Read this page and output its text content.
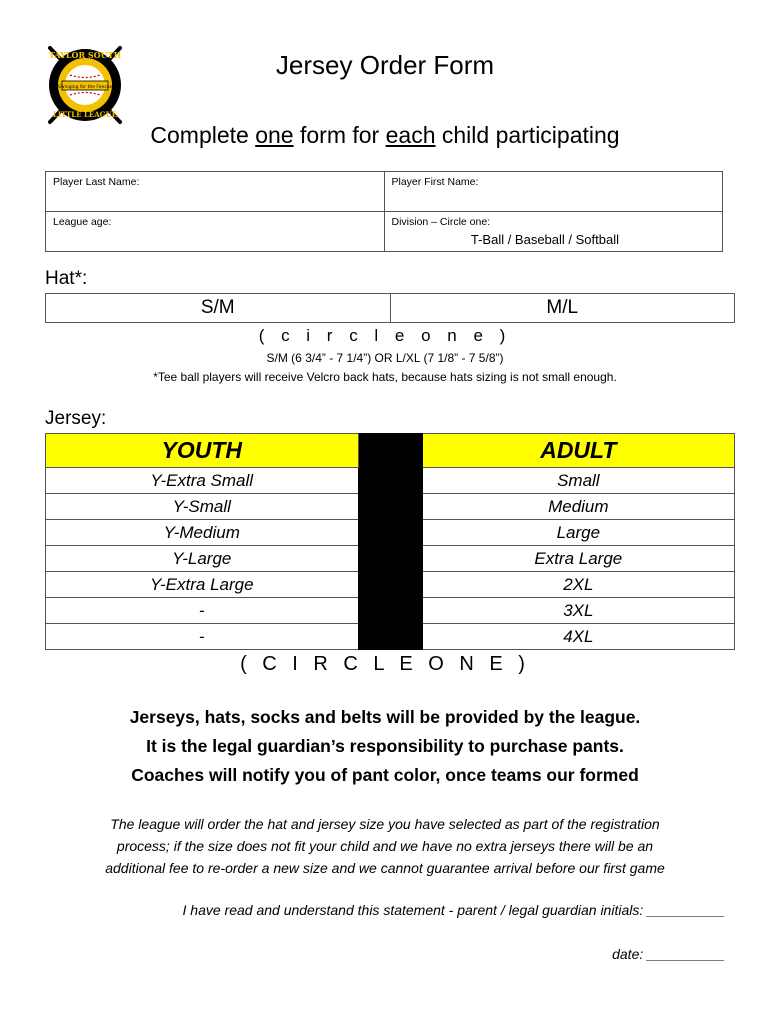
Swinging for the Fences
TAYLOR SOUTH
LITTLE LEAGUE
Jersey Order Form
Complete one form for each child participating
Player Last Name:	Player First Name:
League age:	Division – Circle one:
T-Ball / Baseball / Softball
Hat*:
S/M	M/L
( c i r c l e o n e )
S/M (6 3/4” - 7 1/4”) OR L/XL (7 1/8” - 7 5/8”)
*Tee ball players will receive Velcro back hats, because hats sizing is not small enough.
Jersey:
YOUTH		ADULT
Y-Extra Small		Small
Y-Small		Medium
Y-Medium		Large
Y-Large		Extra Large
Y-Extra Large		2XL
-		3XL
-		4XL
( C I R C L E O N E )
Jerseys, hats, socks and belts will be provided by the league.
It is the legal guardian’s responsibility to purchase pants.
Coaches will notify you of pant color, once teams our formed
The league will order the hat and jersey size you have selected as part of the registration
process; if the size does not fit your child and we have no extra jerseys there will be an
additional fee to re-order a new size and we cannot guarantee arrival before our first game
I have read and understand this statement - parent / legal guardian initials: __________
date: __________
